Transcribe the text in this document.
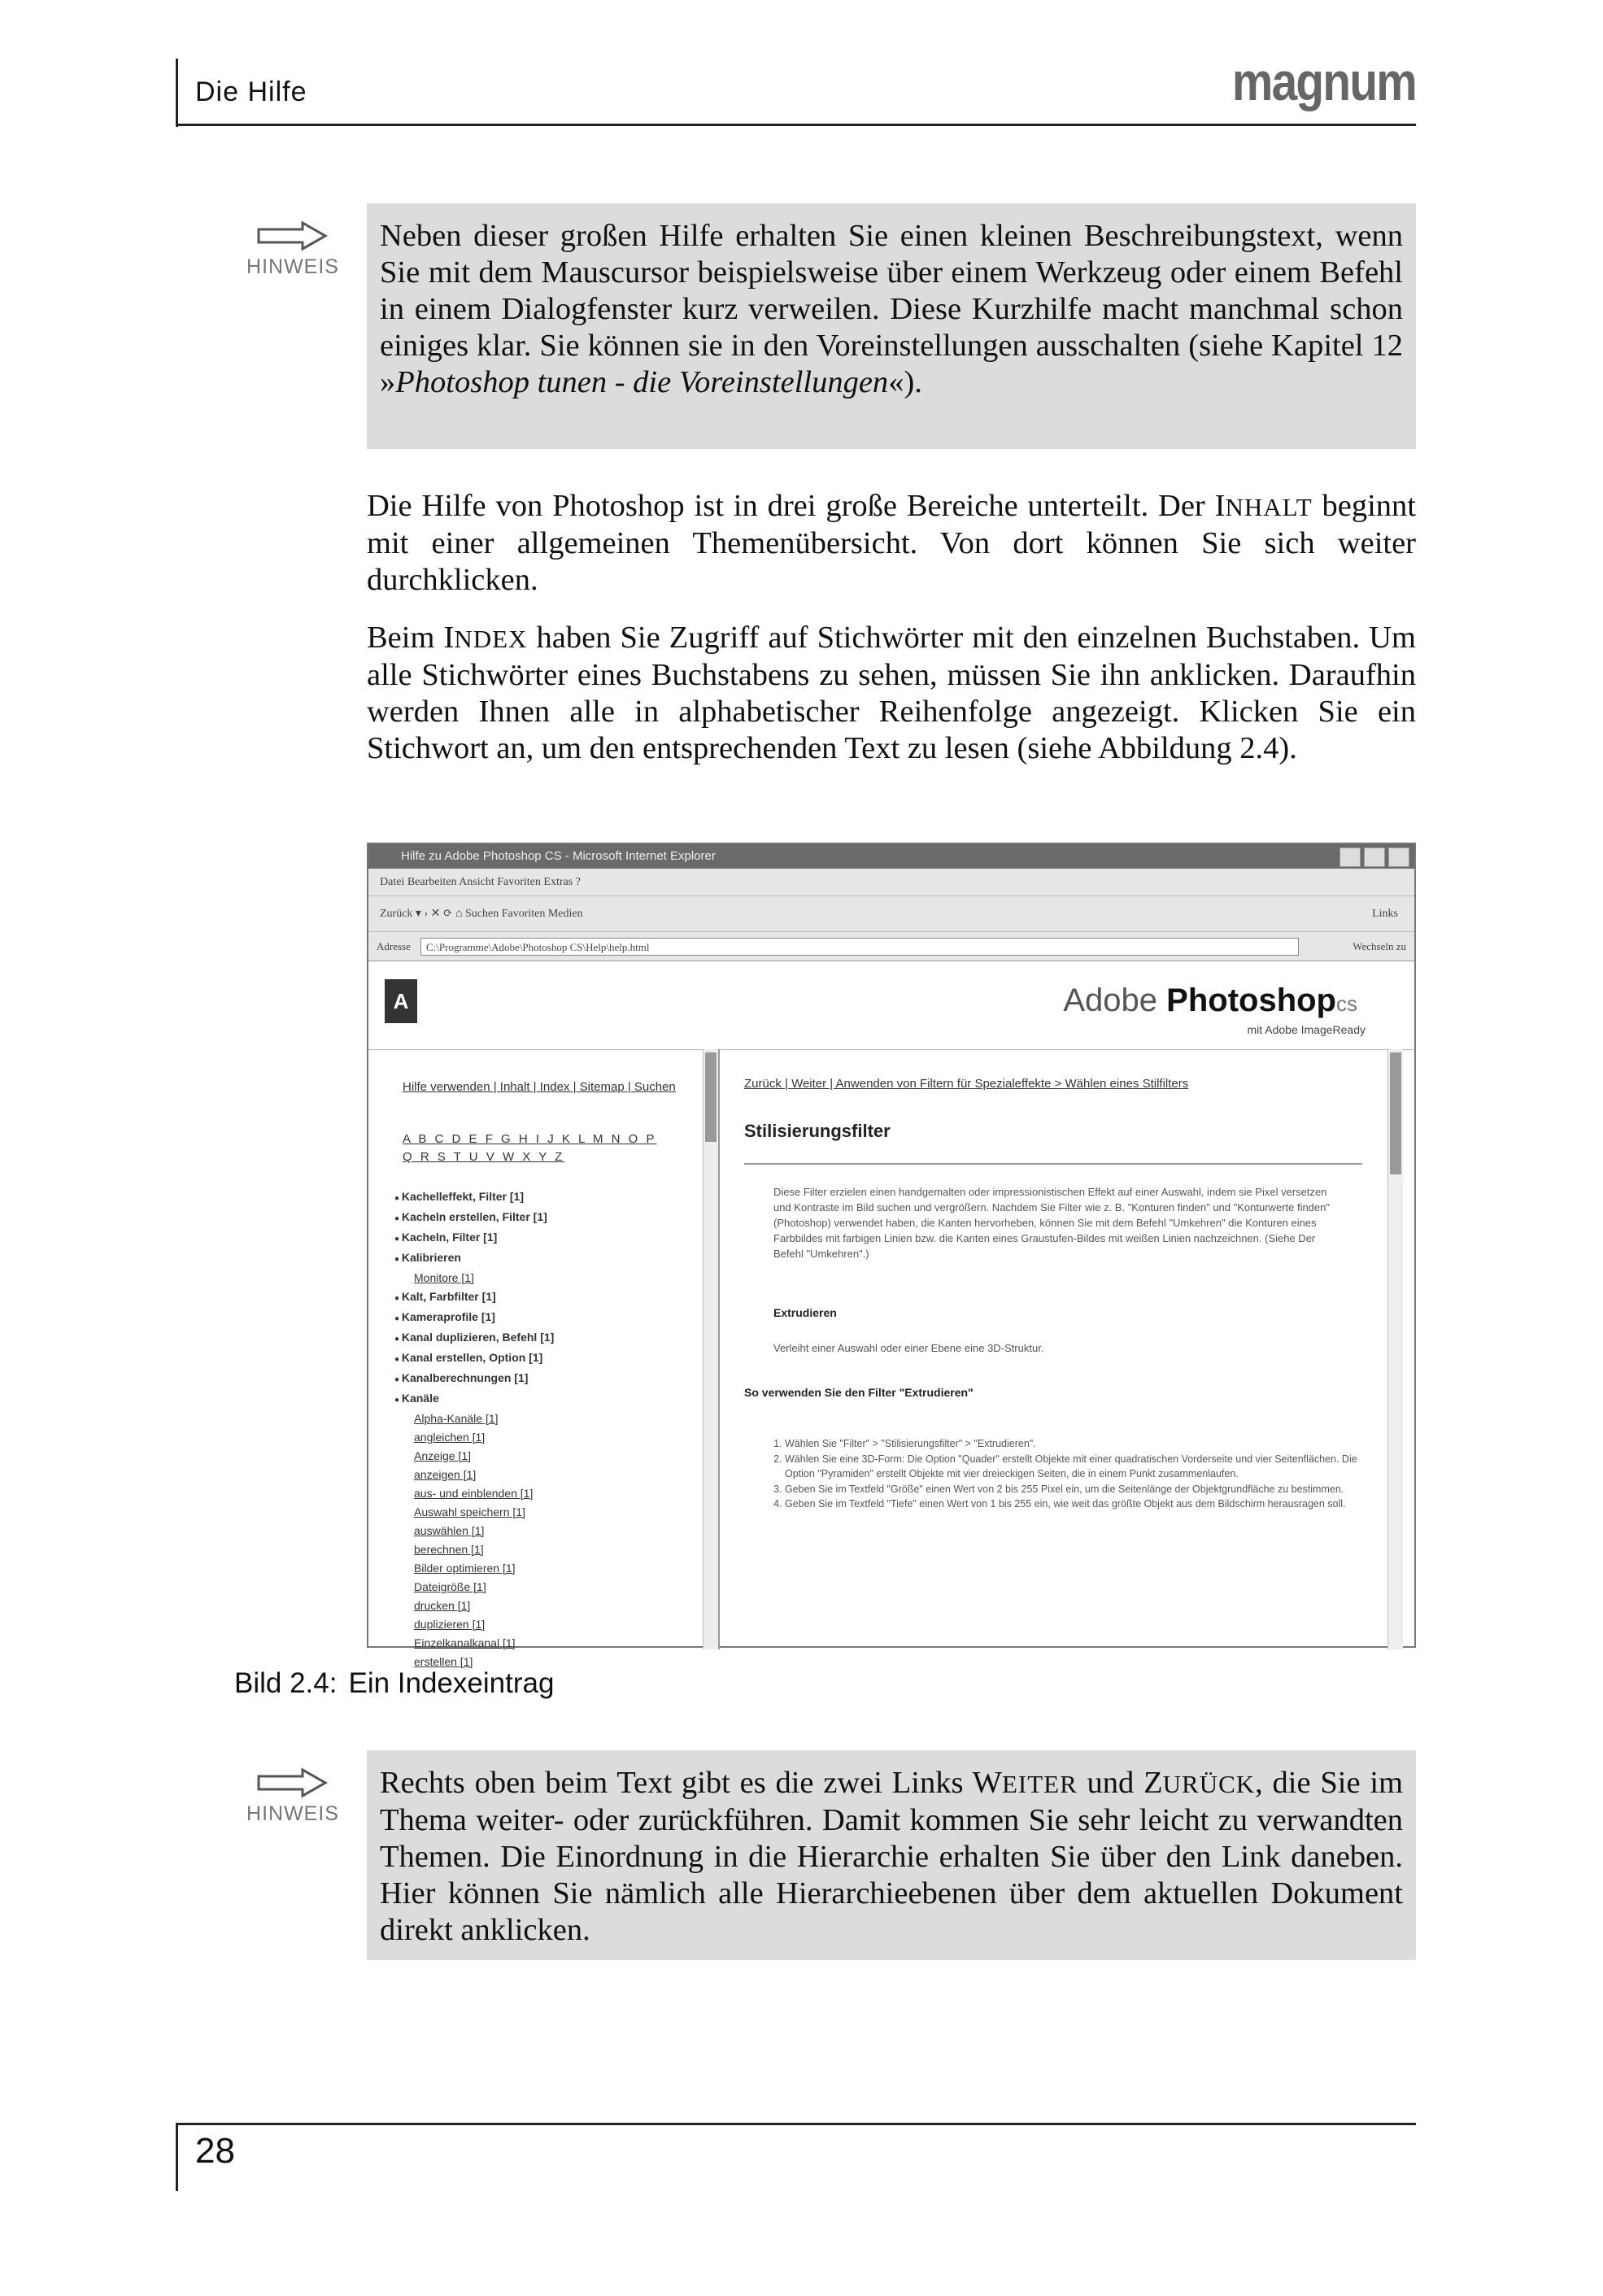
Die Hilfe	magnum
HINWEIS
Neben dieser großen Hilfe erhalten Sie einen kleinen Beschreibungstext, wenn Sie mit dem Mauscursor beispielsweise über einem Werkzeug oder einem Befehl in einem Dialogfenster kurz verweilen. Diese Kurzhilfe macht manchmal schon einiges klar. Sie können sie in den Voreinstellungen ausschalten (siehe Kapitel 12 »Photoshop tunen - die Voreinstellungen«).
Die Hilfe von Photoshop ist in drei große Bereiche unterteilt. Der INHALT beginnt mit einer allgemeinen Themenübersicht. Von dort können Sie sich weiter durchklicken.
Beim INDEX haben Sie Zugriff auf Stichwörter mit den einzelnen Buchstaben. Um alle Stichwörter eines Buchstabens zu sehen, müssen Sie ihn anklicken. Daraufhin werden Ihnen alle in alphabetischer Reihenfolge angezeigt. Klicken Sie ein Stichwort an, um den entsprechenden Text zu lesen (siehe Abbildung 2.4).
Hilfe zu Adobe Photoshop CS - Microsoft Internet Explorer
Datei Bearbeiten Ansicht Favoriten Extras ?
Zurück ▾ › ✕ ⟳ ⌂ Suchen Favoriten Medien	Links
Adresse	C:\Programme\Adobe\Photoshop CS\Help\help.html	Wechseln zu
A	Adobe Photoshopcs
mit Adobe ImageReady
Hilfe verwenden | Inhalt | Index | Sitemap | Suchen
A B C D E F G H I J K L M N O P Q R S T U V W X Y Z
● Kachelleffekt, Filter [1]
● Kacheln erstellen, Filter [1]
● Kacheln, Filter [1]
● Kalibrieren
Monitore [1]
● Kalt, Farbfilter [1]
● Kameraprofile [1]
● Kanal duplizieren, Befehl [1]
● Kanal erstellen, Option [1]
● Kanalberechnungen [1]
● Kanäle
Alpha-Kanäle [1]
angleichen [1]
Anzeige [1]
anzeigen [1]
aus- und einblenden [1]
Auswahl speichern [1]
auswählen [1]
berechnen [1]
Bilder optimieren [1]
Dateigröße [1]
drucken [1]
duplizieren [1]
Einzelkanalkanal [1]
erstellen [1]
Zurück | Weiter | Anwenden von Filtern für Spezialeffekte > Wählen eines Stilfilters
Stilisierungsfilter
Diese Filter erzielen einen handgemalten oder impressionistischen Effekt auf einer Auswahl, indem sie Pixel versetzen und Kontraste im Bild suchen und vergrößern. Nachdem Sie Filter wie z. B. "Konturen finden" und "Konturwerte finden" (Photoshop) verwendet haben, die Kanten hervorheben, können Sie mit dem Befehl "Umkehren" die Konturen eines Farbbildes mit farbigen Linien bzw. die Kanten eines Graustufen-Bildes mit weißen Linien nachzeichnen. (Siehe Der Befehl "Umkehren".)
Extrudieren
Verleiht einer Auswahl oder einer Ebene eine 3D-Struktur.
So verwenden Sie den Filter "Extrudieren"
1. Wählen Sie "Filter" > "Stilisierungsfilter" > "Extrudieren".
2. Wählen Sie eine 3D-Form: Die Option "Quader" erstellt Objekte mit einer quadratischen Vorderseite und vier Seitenflächen. Die Option "Pyramiden" erstellt Objekte mit vier dreieckigen Seiten, die in einem Punkt zusammenlaufen.
3. Geben Sie im Textfeld "Größe" einen Wert von 2 bis 255 Pixel ein, um die Seitenlänge der Objektgrundfläche zu bestimmen.
4. Geben Sie im Textfeld "Tiefe" einen Wert von 1 bis 255 ein, wie weit das größte Objekt aus dem Bildschirm herausragen soll.
Bild 2.4: Ein Indexeintrag
HINWEIS
Rechts oben beim Text gibt es die zwei Links WEITER und ZURÜCK, die Sie im Thema weiter- oder zurückführen. Damit kommen Sie sehr leicht zu verwandten Themen. Die Einordnung in die Hierarchie erhalten Sie über den Link daneben. Hier können Sie nämlich alle Hierarchieebenen über dem aktuellen Dokument direkt anklicken.
28
